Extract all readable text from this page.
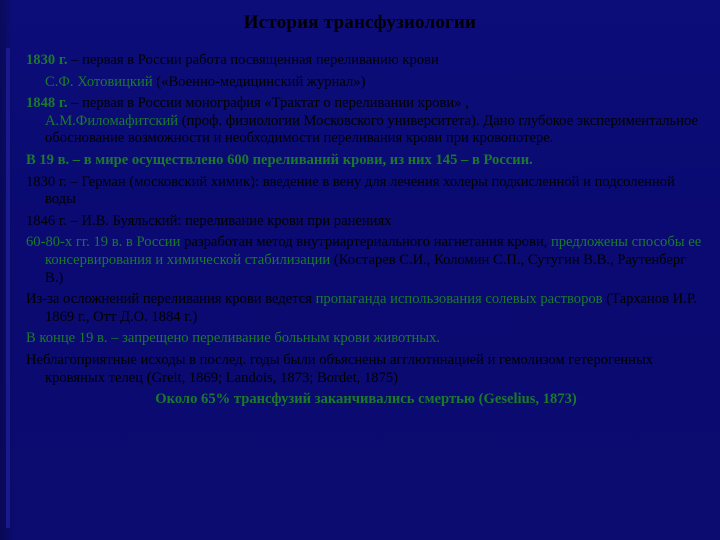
История трансфузиологии

1830 г. – первая в России работа посвященная переливанию крови

С.Ф. Хотовицкий («Военно-медицинский журнал»)

1848 г. – первая в России монография «Трактат о переливании крови» ,

А.М.Филомафитский (проф. физиологии Московского университета). Дано глубокое экспериментальное обоснование возможности и необходимости переливания крови при кровопотере.

В 19 в. – в мире осуществлено 600 переливаний крови, из них 145 – в России.

1830 г. – Герман (московский химик): введение в вену для лечения холеры подкисленной и подсоленной воды

1846 г. – И.В. Буяльский: переливание крови при ранениях

60-80-х гг. 19 в. в России разработан метод внутриартериального нагнетания крови, предложены способы ее консервирования и химической стабилизации (Костарев С.И., Коломин С.П., Сутугин В.В., Раутенберг В.)

Из-за осложнений переливания крови ведется пропаганда использования солевых растворов (Тарханов И.Р. 1869 г., Отт Д.О. 1884 г.)

В конце 19 в. – запрещено переливание больным крови животных.

Неблагоприятные исходы в послед. годы были объяснены агглютинацией и гемолизом гетерогенных кровяных телец (Greit, 1869; Landois, 1873; Bordet, 1875)

Около 65% трансфузий заканчивались смертью (Geselius, 1873)
